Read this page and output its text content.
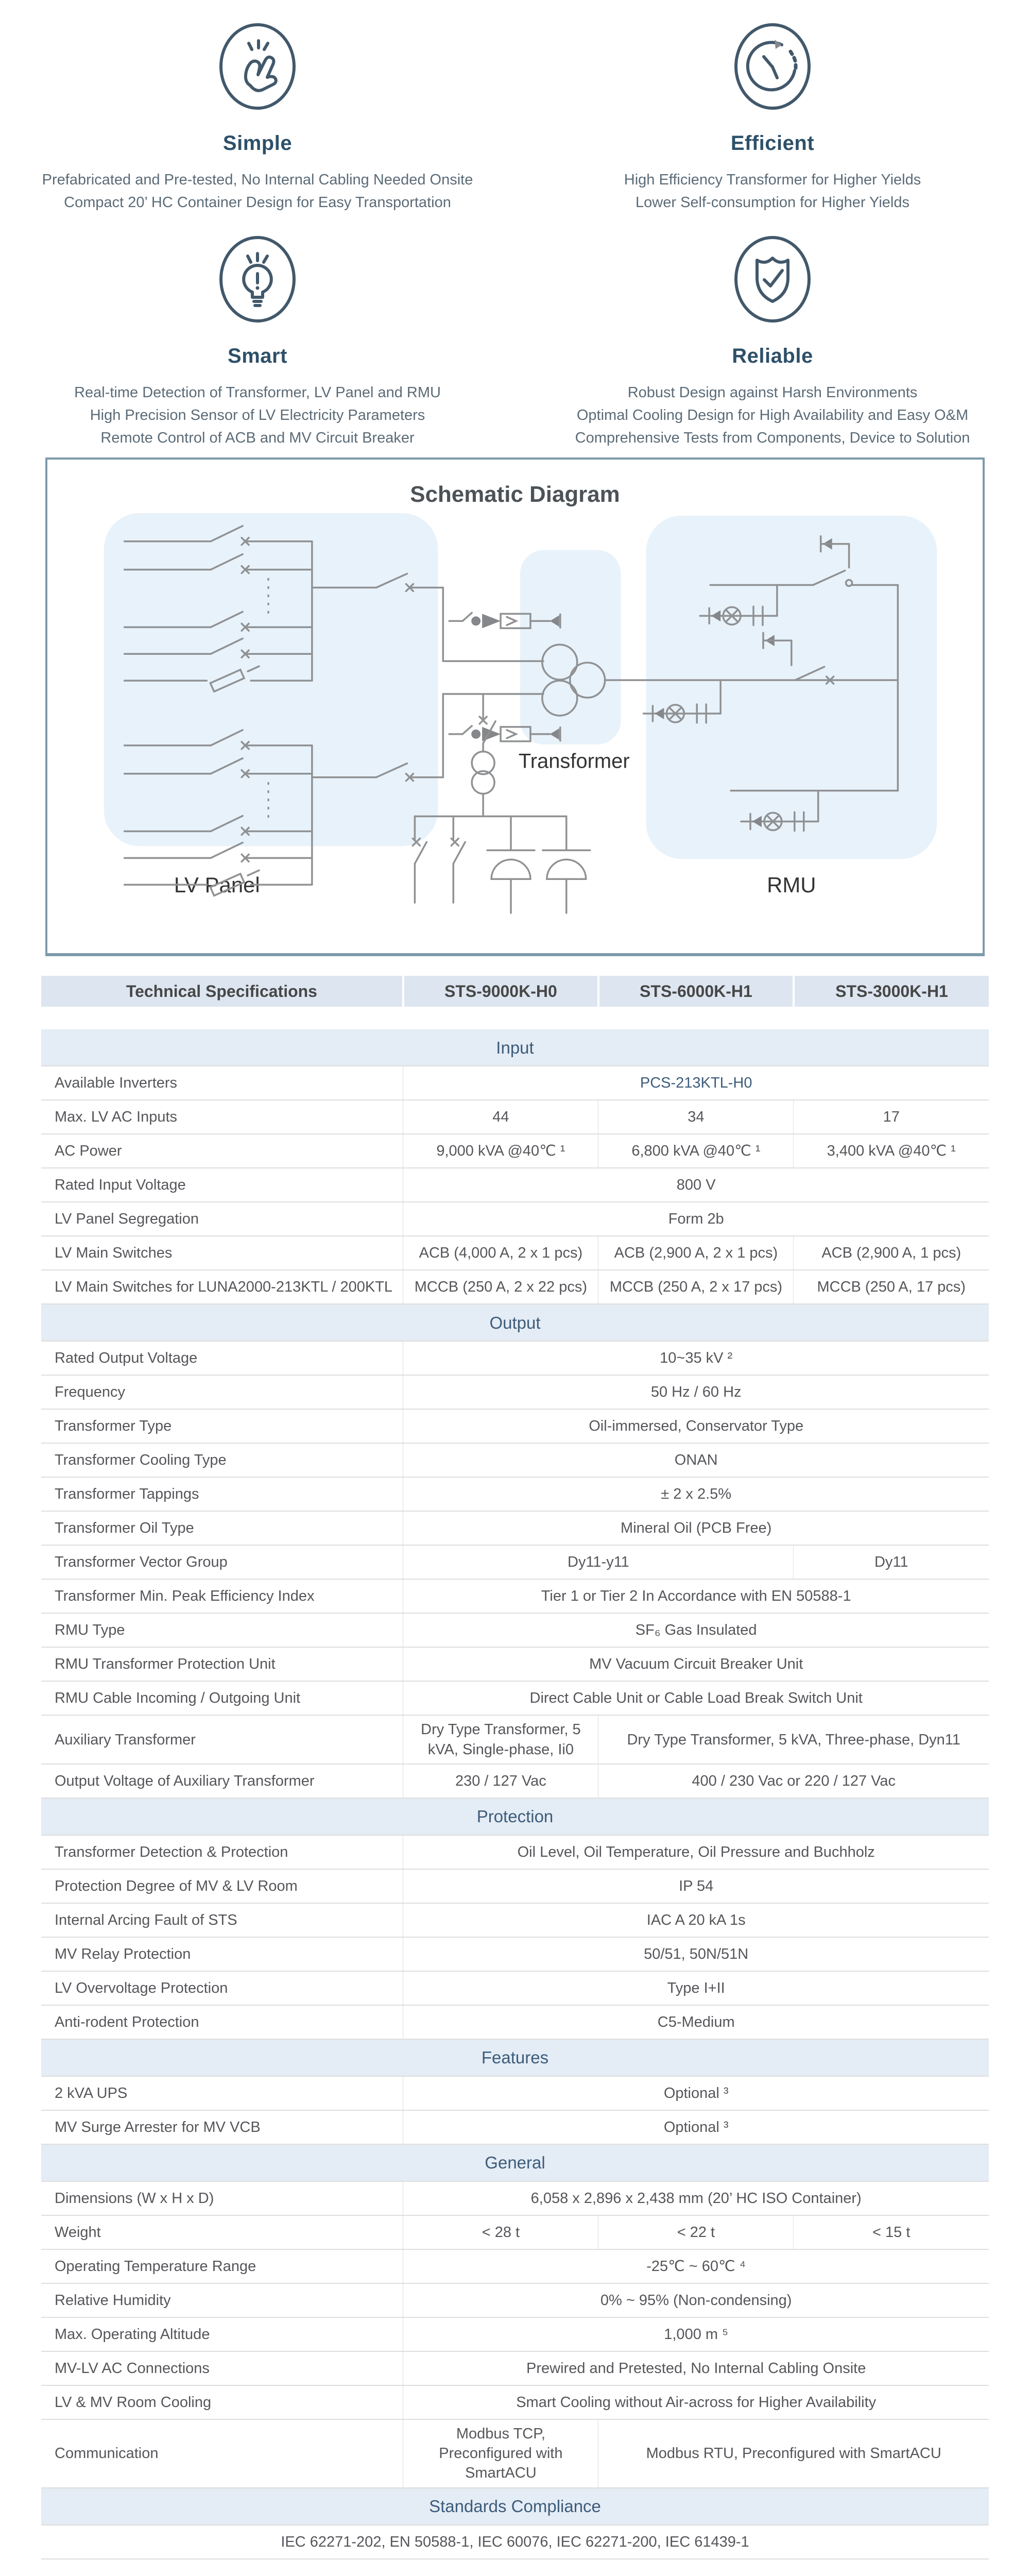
Simple
Prefabricated and Pre-tested, No Internal Cabling Needed Onsite
Compact 20’ HC Container Design for Easy Transportation
Efficient
High Efficiency Transformer for Higher Yields
Lower Self-consumption for Higher Yields
Smart
Real-time Detection of Transformer, LV Panel and RMU
High Precision Sensor of LV Electricity Parameters
Remote Control of ACB and MV Circuit Breaker
Reliable
Robust Design against Harsh Environments
Optimal Cooling Design for High Availability and Easy O&M
Comprehensive Tests from Components, Device to Solution
Schematic Diagram
Transformer
RMU
Technical Specifications	STS-9000K-H0	STS-6000K-H1	STS-3000K-H1
Input			
Available Inverters	PCS-213KTL-H0		
Max. LV AC Inputs	44	34	17
AC Power	9,000 kVA @40℃ ¹	6,800 kVA @40℃ ¹	3,400 kVA @40℃ ¹
Rated Input Voltage	800 V		
LV Panel Segregation	Form 2b		
LV Main Switches	ACB (4,000 A, 2 x 1 pcs)	ACB (2,900 A, 2 x 1 pcs)	ACB (2,900 A, 1 pcs)
LV Main Switches for LUNA2000-213KTL / 200KTL	MCCB (250 A, 2 x 22 pcs)	MCCB (250 A, 2 x 17 pcs)	MCCB (250 A, 17 pcs)
Output			
Rated Output Voltage	10~35 kV ²		
Frequency	50 Hz / 60 Hz		
Transformer Type	Oil-immersed, Conservator Type		
Transformer Cooling Type	ONAN		
Transformer Tappings	± 2 x 2.5%		
Transformer Oil Type	Mineral Oil (PCB Free)		
Transformer Vector Group	Dy11-y11		Dy11
Transformer Min. Peak Efficiency Index	Tier 1 or Tier 2 In Accordance with EN 50588-1		
RMU Type	SF₆ Gas Insulated		
RMU Transformer Protection Unit	MV Vacuum Circuit Breaker Unit		
RMU Cable Incoming / Outgoing Unit	Direct Cable Unit or Cable Load Break Switch Unit		
Auxiliary Transformer	Dry Type Transformer, 5 kVA, Single-phase, Ii0	Dry Type Transformer, 5 kVA, Three-phase, Dyn11	
Output Voltage of Auxiliary Transformer	230 / 127 Vac	400 / 230 Vac or 220 / 127 Vac	
Protection			
Transformer Detection & Protection	Oil Level, Oil Temperature, Oil Pressure and Buchholz		
Protection Degree of MV & LV Room	IP 54		
Internal Arcing Fault of STS	IAC A 20 kA 1s		
MV Relay Protection	50/51, 50N/51N		
LV Overvoltage Protection	Type I+II		
Anti-rodent Protection	C5-Medium		
Features			
2 kVA UPS	Optional ³		
MV Surge Arrester for MV VCB	Optional ³		
General			
Dimensions (W x H x D)	6,058 x 2,896 x 2,438 mm (20’ HC ISO Container)		
Weight	< 28 t	< 22 t	< 15 t
Operating Temperature Range	-25℃ ~ 60℃ ⁴		
Relative Humidity	0% ~ 95% (Non-condensing)		
Max. Operating Altitude	1,000 m ⁵		
MV-LV AC Connections	Prewired and Pretested, No Internal Cabling Onsite		
LV & MV Room Cooling	Smart Cooling without Air-across for Higher Availability		
Communication	Modbus TCP, Preconfigured with SmartACU	Modbus RTU, Preconfigured with SmartACU	
Standards Compliance			
IEC 62271-202, EN 50588-1, IEC 60076, IEC 62271-200, IEC 61439-1			
